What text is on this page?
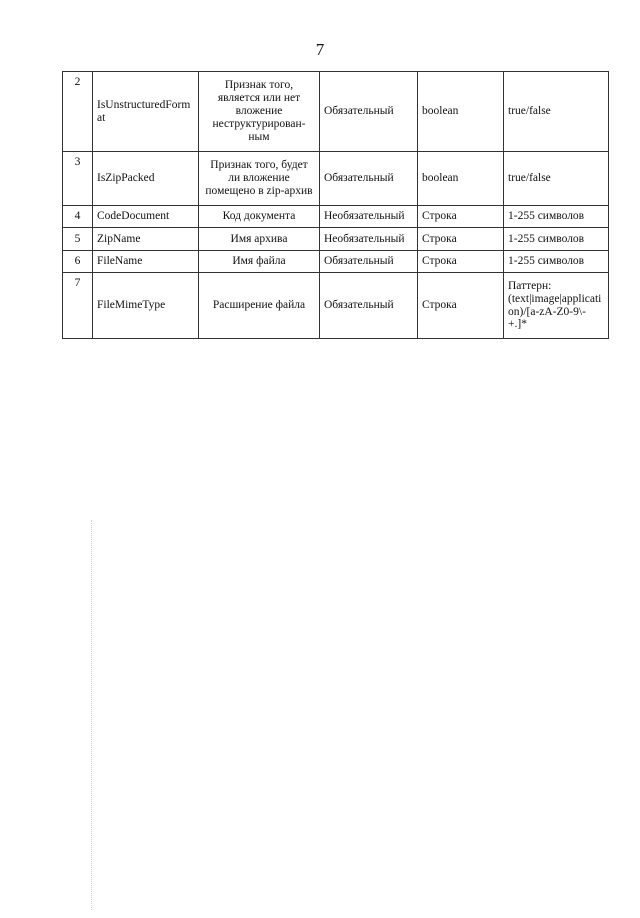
7
2	IsUnstructuredFormat	Признак того, является или нет вложение неструктурирован-ным	Обязательный	boolean	true/false
3	IsZipPacked	Признак того, будет ли вложение помещено в zip-архив	Обязательный	boolean	true/false
4	CodeDocument	Код документа	Необязательный	Строка	1-255 символов
5	ZipName	Имя архива	Необязательный	Строка	1-255 символов
6	FileName	Имя файла	Обязательный	Строка	1-255 символов
7	FileMimeType	Расширение файла	Обязательный	Строка	Паттерн: (text|image|application)/[a-zA-Z0-9\-+.]*
